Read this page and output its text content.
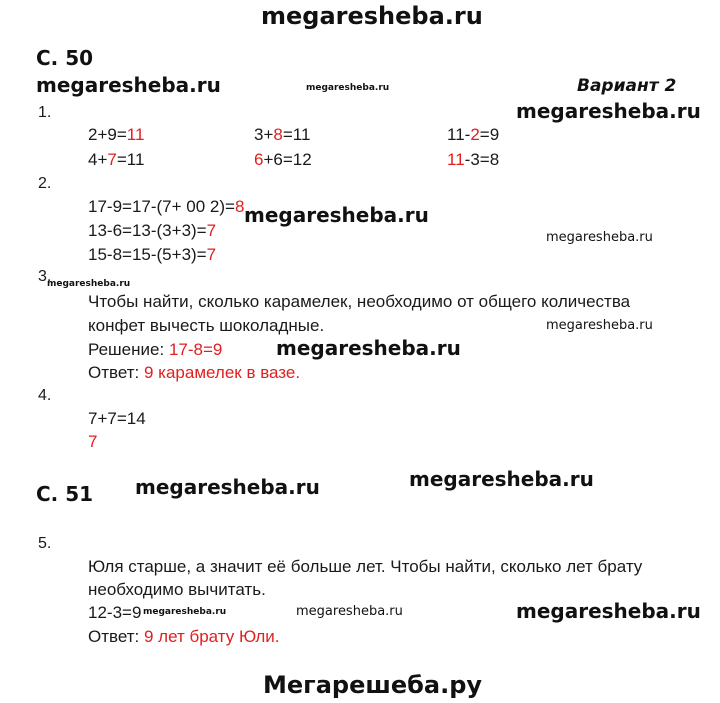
megaresheba.ru
С. 50
megaresheba.ru	megaresheba.ru	Вариант 2
megaresheba.ru
1.
2+9=11	3+8=11	11-2=9
4+7=11	6+6=12	11-3=8
2.
17-9=17-(7+ 00 2)=8 megaresheba.ru
13-6=13-(3+3)=7	megaresheba.ru
15-8=15-(5+3)=7
3.
megaresheba.ru
Чтобы найти, сколько карамелек, необходимо от общего количества
конфет вычесть шоколадные.	megaresheba.ru
Решение: 17-8=9	megaresheba.ru
Ответ: 9 карамелек в вазе.
4.
7+7=14
7
С. 51 megaresheba.ru	megaresheba.ru
5.
Юля старше, а значит её больше лет. Чтобы найти, сколько лет брату
необходимо вычитать.
12-3=9 megaresheba.ru	megaresheba.ru	megaresheba.ru
Ответ: 9 лет брату Юли.
Мегарешеба.ру
